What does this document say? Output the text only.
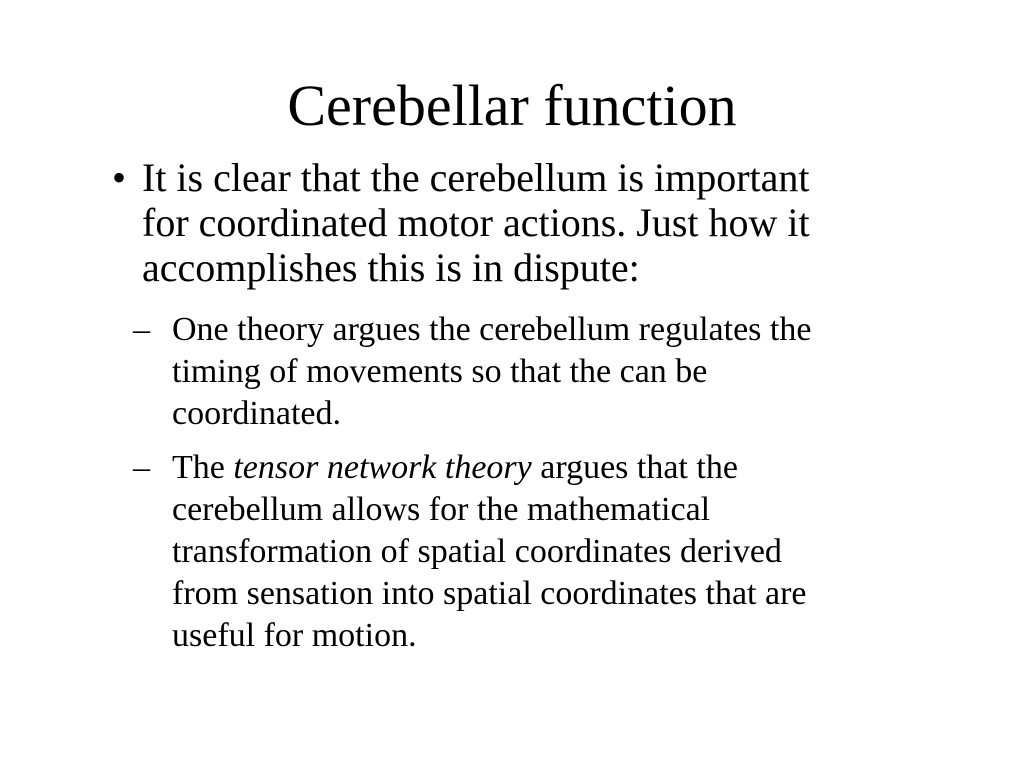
Cerebellar function
• It is clear that the cerebellum is important
for coordinated motor actions. Just how it
accomplishes this is in dispute:
– One theory argues the cerebellum regulates the
timing of movements so that the can be
coordinated.
– The tensor network theory argues that the
cerebellum allows for the mathematical
transformation of spatial coordinates derived
from sensation into spatial coordinates that are
useful for motion.
